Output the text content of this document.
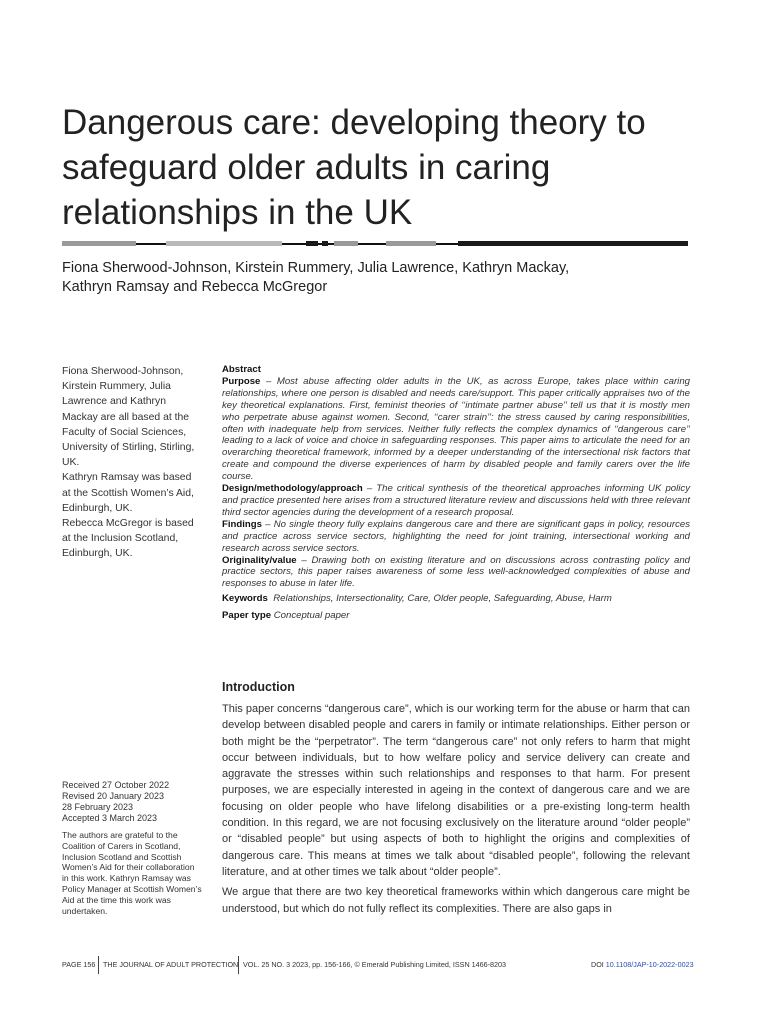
Dangerous care: developing theory to
safeguard older adults in caring
relationships in the UK
Fiona Sherwood-Johnson, Kirstein Rummery, Julia Lawrence, Kathryn Mackay,
Kathryn Ramsay and Rebecca McGregor

Fiona Sherwood-Johnson, Kirstein Rummery, Julia Lawrence and Kathryn Mackay are all based at the Faculty of Social Sciences, University of Stirling, Stirling, UK.

Kathryn Ramsay was based at the Scottish Women’s Aid, Edinburgh, UK.

Rebecca McGregor is based at the Inclusion Scotland, Edinburgh, UK.

Received 27 October 2022
Revised 20 January 2023
28 February 2023
Accepted 3 March 2023
The authors are grateful to the Coalition of Carers in Scotland, Inclusion Scotland and Scottish Women’s Aid for their collaboration in this work. Kathryn Ramsay was Policy Manager at Scottish Women’s Aid at the time this work was undertaken.
Abstract
Purpose – Most abuse affecting older adults in the UK, as across Europe, takes place within caring relationships, where one person is disabled and needs care/support. This paper critically appraises two of the key theoretical explanations. First, feminist theories of ‘‘intimate partner abuse’’ tell us that it is mostly men who perpetrate abuse against women. Second, ‘‘carer strain’’: the stress caused by caring responsibilities, often with inadequate help from services. Neither fully reflects the complex dynamics of ‘‘dangerous care’’ leading to a lack of voice and choice in safeguarding responses. This paper aims to articulate the need for an overarching theoretical framework, informed by a deeper understanding of the intersectional risk factors that create and compound the diverse experiences of harm by disabled people and family carers over the life course.
Design/methodology/approach – The critical synthesis of the theoretical approaches informing UK policy and practice presented here arises from a structured literature review and discussions held with three relevant third sector agencies during the development of a research proposal.
Findings – No single theory fully explains dangerous care and there are significant gaps in policy, resources and practice across service sectors, highlighting the need for joint training, intersectional working and research across service sectors.
Originality/value – Drawing both on existing literature and on discussions across contrasting policy and practice sectors, this paper raises awareness of some less well-acknowledged complexities of abuse and responses to abuse in later life.
Keywords  Relationships, Intersectionality, Care, Older people, Safeguarding, Abuse, Harm
Paper type Conceptual paper
Introduction

This paper concerns “dangerous care”, which is our working term for the abuse or harm that can develop between disabled people and carers in family or intimate relationships. Either person or both might be the “perpetrator”. The term “dangerous care” not only refers to harm that might occur between individuals, but to how welfare policy and service delivery can create and aggravate the stresses within such relationships and responses to that harm. For present purposes, we are especially interested in ageing in the context of dangerous care and we are focusing on older people who have lifelong disabilities or a pre-existing long-term health condition. In this regard, we are not focusing exclusively on the literature around “older people” or “disabled people” but using aspects of both to highlight the origins and complexities of dangerous care. This means at times we talk about “disabled people”, following the relevant literature, and at other times we talk about “older people”.

We argue that there are two key theoretical frameworks within which dangerous care might be understood, but which do not fully reflect its complexities. There are also gaps in

PAGE 156 THE JOURNAL OF ADULT PROTECTION VOL. 25 NO. 3 2023, pp. 156-166, © Emerald Publishing Limited, ISSN 1466-8203	DOI 10.1108/JAP-10-2022-0023
